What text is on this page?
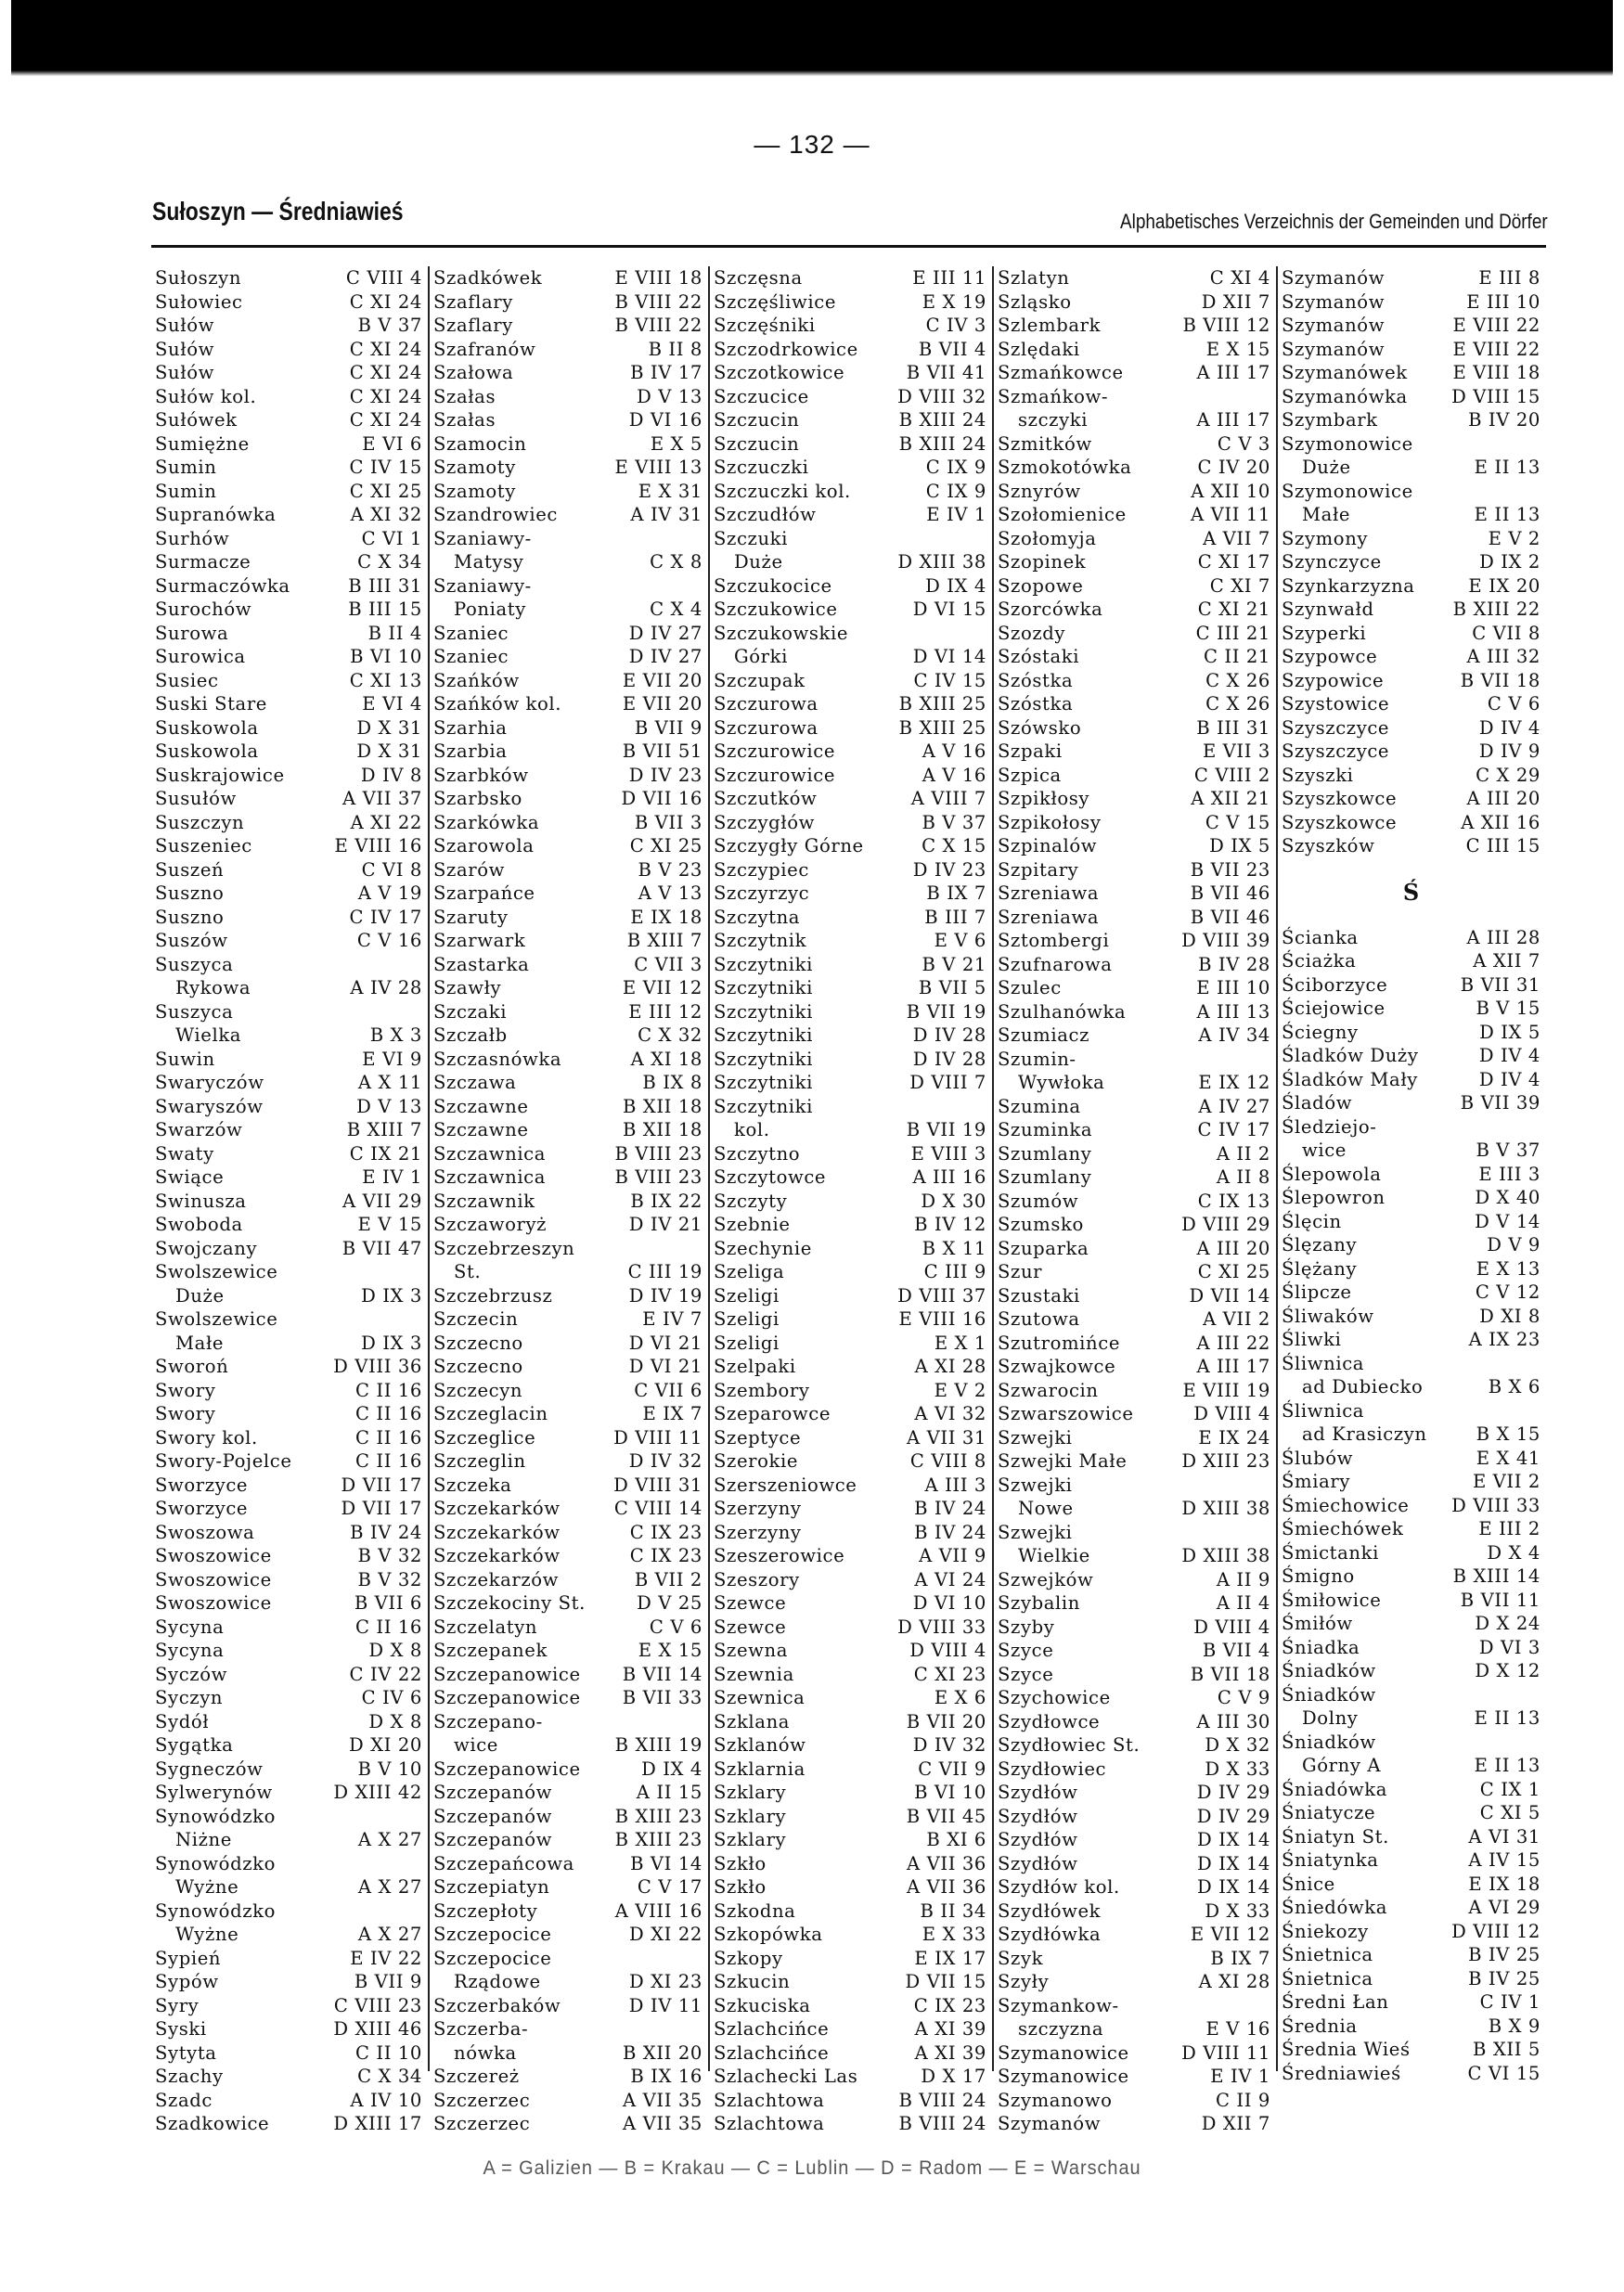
— 132 —
Sułoszyn — Średniawieś	Alphabetisches Verzeichnis der Gemeinden und Dörfer
Sułoszyn	C VIII 4
Sułowiec	C XI 24
Sułów	B V 37
Sułów	C XI 24
Sułów	C XI 24
Sułów kol.	C XI 24
Sułówek	C XI 24
Sumiężne	E VI 6
Sumin	C IV 15
Sumin	C XI 25
Supranówka	A XI 32
Surhów	C VI 1
Surmacze	C X 34
Surmaczówka	B III 31
Surochów	B III 15
Surowa	B II 4
Surowica	B VI 10
Susiec	C XI 13
Suski Stare	E VI 4
Suskowola	D X 31
Suskowola	D X 31
Suskrajowice	D IV 8
Susułów	A VII 37
Suszczyn	A XI 22
Suszeniec	E VIII 16
Suszeń	C VI 8
Suszno	A V 19
Suszno	C IV 17
Suszów	C V 16
Suszyca
Rykowa	A IV 28
Suszyca
Wielka	B X 3
Suwin	E VI 9
Swaryczów	A X 11
Swaryszów	D V 13
Swarzów	B XIII 7
Swaty	C IX 21
Swiące	E IV 1
Swinusza	A VII 29
Swoboda	E V 15
Swojczany	B VII 47
Swolszewice
Duże	D IX 3
Swolszewice
Małe	D IX 3
Sworoń	D VIII 36
Swory	C II 16
Swory	C II 16
Swory kol.	C II 16
Swory-Pojelce	C II 16
Sworzyce	D VII 17
Sworzyce	D VII 17
Swoszowa	B IV 24
Swoszowice	B V 32
Swoszowice	B V 32
Swoszowice	B VII 6
Sycyna	C II 16
Sycyna	D X 8
Syczów	C IV 22
Syczyn	C IV 6
Sydół	D X 8
Sygątka	D XI 20
Sygneczów	B V 10
Sylwerynów	D XIII 42
Synowódzko
Niżne	A X 27
Synowódzko
Wyżne	A X 27
Synowódzko
Wyżne	A X 27
Sypień	E IV 22
Sypów	B VII 9
Syry	C VIII 23
Syski	D XIII 46
Sytyta	C II 10
Szachy	C X 34
Szadc	A IV 10
Szadkowice	D XIII 17
Szadkówek	E VIII 18
Szaflary	B VIII 22
Szaflary	B VIII 22
Szafranów	B II 8
Szałowa	B IV 17
Szałas	D V 13
Szałas	D VI 16
Szamocin	E X 5
Szamoty	E VIII 13
Szamoty	E X 31
Szandrowiec	A IV 31
Szaniawy-
Matysy	C X 8
Szaniawy-
Poniaty	C X 4
Szaniec	D IV 27
Szaniec	D IV 27
Szańków	E VII 20
Szańków kol.	E VII 20
Szarhia	B VII 9
Szarbia	B VII 51
Szarbków	D IV 23
Szarbsko	D VII 16
Szarkówka	B VII 3
Szarowola	C XI 25
Szarów	B V 23
Szarpańce	A V 13
Szaruty	E IX 18
Szarwark	B XIII 7
Szastarka	C VII 3
Szawły	E VII 12
Szczaki	E III 12
Szczałb	C X 32
Szczasnówka	A XI 18
Szczawa	B IX 8
Szczawne	B XII 18
Szczawne	B XII 18
Szczawnica	B VIII 23
Szczawnica	B VIII 23
Szczawnik	B IX 22
Szczaworyż	D IV 21
Szczebrzeszyn
St.	C III 19
Szczebrzusz	D IV 19
Szczecin	E IV 7
Szczecno	D VI 21
Szczecno	D VI 21
Szczecyn	C VII 6
Szczeglacin	E IX 7
Szczeglice	D VIII 11
Szczeglin	D IV 32
Szczeka	D VIII 31
Szczekarków	C VIII 14
Szczekarków	C IX 23
Szczekarków	C IX 23
Szczekarzów	B VII 2
Szczekociny St.	D V 25
Szczelatyn	C V 6
Szczepanek	E X 15
Szczepanowice	B VII 14
Szczepanowice	B VII 33
Szczepano-
wice	B XIII 19
Szczepanowice	D IX 4
Szczepanów	A II 15
Szczepanów	B XIII 23
Szczepanów	B XIII 23
Szczepańcowa	B VI 14
Szczepiatyn	C V 17
Szczepłoty	A VIII 16
Szczepocice	D XI 22
Szczepocice
Rządowe	D XI 23
Szczerbaków	D IV 11
Szczerba-
nówka	B XII 20
Szczereż	B IX 16
Szczerzec	A VII 35
Szczerzec	A VII 35
Szczęsna	E III 11
Szczęśliwice	E X 19
Szczęśniki	C IV 3
Szczodrkowice	B VII 4
Szczotkowice	B VII 41
Szczucice	D VIII 32
Szczucin	B XIII 24
Szczucin	B XIII 24
Szczuczki	C IX 9
Szczuczki kol.	C IX 9
Szczudłów	E IV 1
Szczuki
Duże	D XIII 38
Szczukocice	D IX 4
Szczukowice	D VI 15
Szczukowskie
Górki	D VI 14
Szczupak	C IV 15
Szczurowa	B XIII 25
Szczurowa	B XIII 25
Szczurowice	A V 16
Szczurowice	A V 16
Szczutków	A VIII 7
Szczygłów	B V 37
Szczygły Górne	C X 15
Szczypiec	D IV 23
Szczyrzyc	B IX 7
Szczytna	B III 7
Szczytnik	E V 6
Szczytniki	B V 21
Szczytniki	B VII 5
Szczytniki	B VII 19
Szczytniki	D IV 28
Szczytniki	D IV 28
Szczytniki	D VIII 7
Szczytniki
kol.	B VII 19
Szczytno	E VIII 3
Szczytowce	A III 16
Szczyty	D X 30
Szebnie	B IV 12
Szechynie	B X 11
Szeliga	C III 9
Szeligi	D VIII 37
Szeligi	E VIII 16
Szeligi	E X 1
Szelpaki	A XI 28
Szembory	E V 2
Szeparowce	A VI 32
Szeptyce	A VII 31
Szerokie	C VIII 8
Szerszeniowce	A III 3
Szerzyny	B IV 24
Szerzyny	B IV 24
Szeszerowice	A VII 9
Szeszory	A VI 24
Szewce	D VI 10
Szewce	D VIII 33
Szewna	D VIII 4
Szewnia	C XI 23
Szewnica	E X 6
Szklana	B VII 20
Szklanów	D IV 32
Szklarnia	C VII 9
Szklary	B VI 10
Szklary	B VII 45
Szklary	B XI 6
Szkło	A VII 36
Szkło	A VII 36
Szkodna	B II 34
Szkopówka	E X 33
Szkopy	E IX 17
Szkucin	D VII 15
Szkuciska	C IX 23
Szlachcińce	A XI 39
Szlachcińce	A XI 39
Szlachecki Las	D X 17
Szlachtowa	B VIII 24
Szlachtowa	B VIII 24
Szlatyn	C XI 4
Szląsko	D XII 7
Szlembark	B VIII 12
Szlędaki	E X 15
Szmańkowce	A III 17
Szmańkow-
szczyki	A III 17
Szmitków	C V 3
Szmokotówka	C IV 20
Sznyrów	A XII 10
Szołomienice	A VII 11
Szołomyja	A VII 7
Szopinek	C XI 17
Szopowe	C XI 7
Szorcówka	C XI 21
Szozdy	C III 21
Szóstaki	C II 21
Szóstka	C X 26
Szóstka	C X 26
Szówsko	B III 31
Szpaki	E VII 3
Szpica	C VIII 2
Szpikłosy	A XII 21
Szpikołosy	C V 15
Szpinalów	D IX 5
Szpitary	B VII 23
Szreniawa	B VII 46
Szreniawa	B VII 46
Sztombergi	D VIII 39
Szufnarowa	B IV 28
Szulec	E III 10
Szulhanówka	A III 13
Szumiacz	A IV 34
Szumin-
Wywłoka	E IX 12
Szumina	A IV 27
Szuminka	C IV 17
Szumlany	A II 2
Szumlany	A II 8
Szumów	C IX 13
Szumsko	D VIII 29
Szuparka	A III 20
Szur	C XI 25
Szustaki	D VII 14
Szutowa	A VII 2
Szutromińce	A III 22
Szwajkowce	A III 17
Szwarocin	E VIII 19
Szwarszowice	D VIII 4
Szwejki	E IX 24
Szwejki Małe	D XIII 23
Szwejki
Nowe	D XIII 38
Szwejki
Wielkie	D XIII 38
Szwejków	A II 9
Szybalin	A II 4
Szyby	D VIII 4
Szyce	B VII 4
Szyce	B VII 18
Szychowice	C V 9
Szydłowce	A III 30
Szydłowiec St.	D X 32
Szydłowiec	D X 33
Szydłów	D IV 29
Szydłów	D IV 29
Szydłów	D IX 14
Szydłów	D IX 14
Szydłów kol.	D IX 14
Szydłówek	D X 33
Szydłówka	E VII 12
Szyk	B IX 7
Szyły	A XI 28
Szymankow-
szczyzna	E V 16
Szymanowice	D VIII 11
Szymanowice	E IV 1
Szymanowo	C II 9
Szymanów	D XII 7
Szymanów	E III 8
Szymanów	E III 10
Szymanów	E VIII 22
Szymanów	E VIII 22
Szymanówek	E VIII 18
Szymanówka	D VIII 15
Szymbark	B IV 20
Szymonowice
Duże	E II 13
Szymonowice
Małe	E II 13
Szymony	E V 2
Szynczyce	D IX 2
Szynkarzyzna	E IX 20
Szynwałd	B XIII 22
Szyperki	C VII 8
Szypowce	A III 32
Szypowice	B VII 18
Szystowice	C V 6
Szyszczyce	D IV 4
Szyszczyce	D IV 9
Szyszki	C X 29
Szyszkowce	A III 20
Szyszkowce	A XII 16
Szyszków	C III 15
Ś
Ścianka	A III 28
Ściażka	A XII 7
Ściborzyce	B VII 31
Ściejowice	B V 15
Ściegny	D IX 5
Śladków Duży	D IV 4
Śladków Mały	D IV 4
Śladów	B VII 39
Śledziejo-
wice	B V 37
Ślepowola	E III 3
Ślepowron	D X 40
Ślęcin	D V 14
Ślęzany	D V 9
Ślężany	E X 13
Ślipcze	C V 12
Śliwaków	D XI 8
Śliwki	A IX 23
Śliwnica
ad Dubiecko	B X 6
Śliwnica
ad Krasiczyn	B X 15
Ślubów	E X 41
Śmiary	E VII 2
Śmiechowice	D VIII 33
Śmiechówek	E III 2
Śmictanki	D X 4
Śmigno	B XIII 14
Śmiłowice	B VII 11
Śmiłów	D X 24
Śniadka	D VI 3
Śniadków	D X 12
Śniadków
Dolny	E II 13
Śniadków
Górny A	E II 13
Śniadówka	C IX 1
Śniatycze	C XI 5
Śniatyn St.	A VI 31
Śniatynka	A IV 15
Śnice	E IX 18
Śniedówka	A VI 29
Śniekozy	D VIII 12
Śnietnica	B IV 25
Śnietnica	B IV 25
Średni Łan	C IV 1
Średnia	B X 9
Średnia Wieś	B XII 5
Średniawieś	C VI 15
A = Galizien — B = Krakau — C = Lublin — D = Radom — E = Warschau
